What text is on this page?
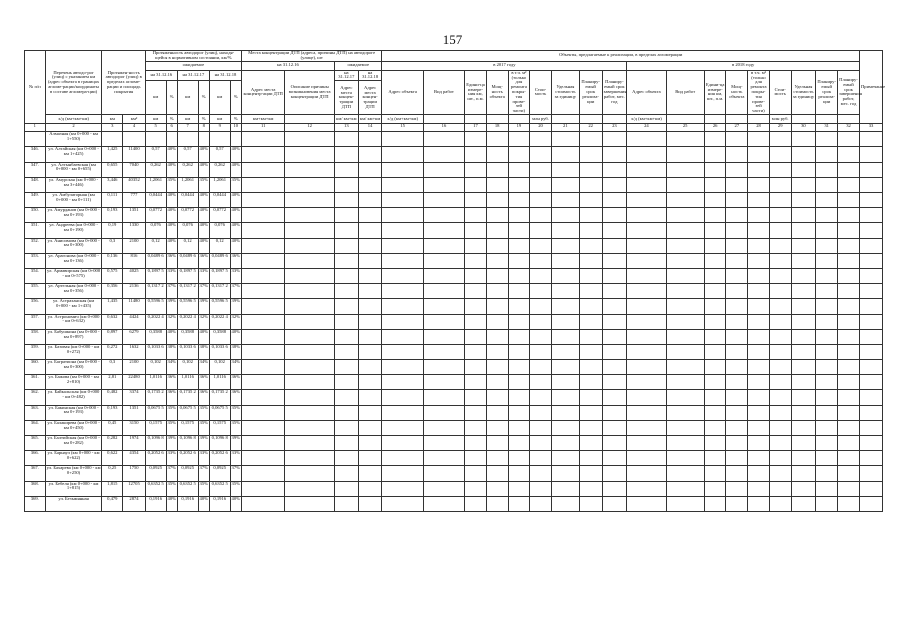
157
№ п/п	Перечень автодо-рог (улиц) с указанием км (адрес объекта в границах агломе-рации/координаты в составе агломера-ции)	Протяжен-ность автодорог (улиц) в пределах агломе-рации и площадь покрытия		Протяженность автодорог (улиц), находя-щейся в нормативном состоянии, км/%						Места концентрации ДТП (адреса, причины ДТП) на автодороге (улице), шт				Объекты, предлагаемые к реализации, в пределах агломерации																		Примечание
				ожидаемое						на 31.12.16		ожидаемое		в 2017 году									в 2018 году									
				на 31.12.16		на 31.12.17		на 31.12.18		Адрес места концентр-ации ДТП	Описание причины возникновения места концентрации ДТП	на 31.12.17	на 31.12.18	Адрес объекта	Вид работ	Едини-ца измере-ния км, шт., п.м.	Мощ-ность объекта	в т.ч. м² (только для ремонта покры-тия прове-зей части)	Стои-мость	Удельная стоимость за единицу	Планиру-емый срок реализа-ции	Планиру-емый срок завершения работ, мес. год	Адрес объекта	Вид работ	Едини-ца измере-ния км, шт., п.м.	Мощ-ность объекта	в т.ч. м² (только для ремонта покры-тия прове-зей части)	Стои-мость	Удельная стоимость за единицу	Планиру-емый срок реализа-ции	Планиру-емый срок завершения работ, мес. год	
				км	%	км	%	км	%			Адрес места концен-трации ДТП	Адрес места концен-трации ДТП																			
	х/д (км+км+км)	км	км²	км	%	км	%	км	%	км+км+км		км/ км+км	км/ км+км	х/д (км+км+км)					млн руб.				х/д (км+км+км)					млн руб.				
1	2	3	4	5	6	7	8	9	10	11	12	13	14	15	16	17	18	19	20	21	22	23	24	25	26	27	28	29	30	31	32	33
	Алмазная (км 0+000 - км 1+550)																															
346.	ул. Алтайская (км 0+000 - км 1+425)	1,425	11400	0,57	40%	0,57	40%	0,57	40%																							
347.	ул. Алтынбаевская (км 0+000 - км 0+655)	0,655	7040	0,262	40%	0,262	40%	0,262	40%																							
348.	ул. Амурская (км 0+000 - км 3+446)	3,446	40352	1,2061	35%	1,2061	35%	1,2061	35%																							
349.	ул. Амбулаторная (км 0+000 - км 0+111)	0,111	777	0,0444	40%	0,0444	40%	0,0444	40%																							
350.	ул. Амурданов (км 0+000 - км 0+193)	0,193	1351	0,0772	40%	0,0772	40%	0,0772	40%																							
351.	ул. Андреева (км 0+000 - км 0+190)	0,19	1330	0,076	40%	0,076	40%	0,076	40%																							
352.	ул. Анисимова (км 0+000 - км 0+300)	0,3	2100	0,12	40%	0,12	40%	0,12	40%																							
353.	ул. Арагонова (км 0+000 - км 0+136)	0,136	816	0,0489 6	36%	0,0489 6	36%	0,0489 6	36%																							
354.	ул. Армавирская (км 0+000 - км 0+575)	0,575	4025	0,1897 5	33%	0,1897 5	33%	0,1897 5	33%																							
355.	ул. Артельная (км 0+000 - км 0+356)	0,356	2136	0,1317 2	37%	0,1317 2	37%	0,1317 2	37%																							
356.	ул. Астраханская (км 0+000 - км 1+435)	1,435	11480	0,5596 5	39%	0,5596 5	39%	0,5596 5	39%																							
357.	ул. Астрономич (км 0+000 - км 0+632)	0,632	4424	0,2022 4	32%	0,2022 4	32%	0,2022 4	32%																							
358.	ул. Бабушкина (км 0+000 - км 0+897)	0,897	6279	0,3588	40%	0,3588	40%	0,3588	40%																							
359.	ул. Базовая (км 0+000 - км 0+272)	0,272	1632	0,1033 6	38%	0,1033 6	38%	0,1033 6	38%																							
360.	ул. Багратиона (км 0+000 - км 0+300)	0,3	2100	0,102	34%	0,102	34%	0,102	34%																							
361.	ул. Бажова (км 0+000 - км 2+810)	2,81	22480	1,0116	36%	1,0116	36%	1,0116	36%																							
362.	ул. Байкальская (км 0+000 - км 0+482)	0,482	3374	0,1735 2	36%	0,1735 2	36%	0,1735 2	36%																							
363.	ул. Бакинская (км 0+000 - км 0+193)	0,193	1351	0,0675 5	35%	0,0675 5	35%	0,0675 5	35%																							
364.	ул. Балакирева (км 0+000 - км 0+450)	0,45	3150	0,1575	35%	0,1575	35%	0,1575	35%																							
365.	ул. Балтийская (км 0+000 - км 0+282)	0,282	1974	0,1096 8	39%	0,1096 8	39%	0,1096 8	39%																							
366.	ул. Барнаул (км 0+000 - км 0+622)	0,622	4354	0,2052 6	33%	0,2052 6	33%	0,2052 6	33%																							
367.	ул. Бахарева (км 0+000 - км 0+250)	0,25	1750	0,0925	37%	0,0925	37%	0,0925	37%																							
368.	ул. Бебеля (км 0+000 - км 1+815)	1,815	12705	0,6352 5	35%	0,6352 5	35%	0,6352 5	35%																							
369.	ул. Безымянная	0,479	2874	0,1916	40%	0,1916	40%	0,1916	40%																							
